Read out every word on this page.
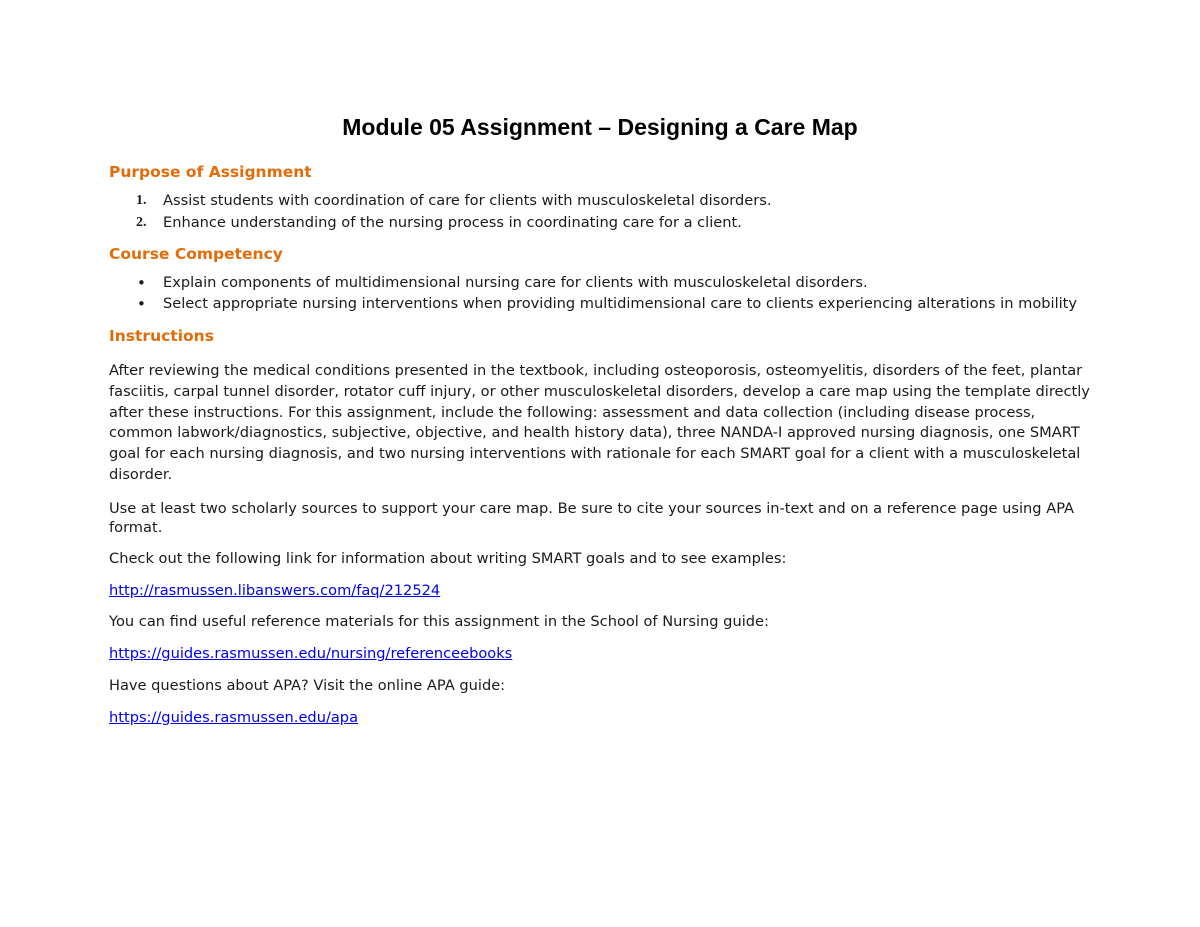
Module 05 Assignment – Designing a Care Map
Purpose of Assignment
1. Assist students with coordination of care for clients with musculoskeletal disorders.
2. Enhance understanding of the nursing process in coordinating care for a client.
Course Competency
• Explain components of multidimensional nursing care for clients with musculoskeletal disorders.
• Select appropriate nursing interventions when providing multidimensional care to clients experiencing alterations in mobility
Instructions

After reviewing the medical conditions presented in the textbook, including osteoporosis, osteomyelitis, disorders of the feet, plantar fasciitis, carpal tunnel disorder, rotator cuff injury, or other musculoskeletal disorders, develop a care map using the template directly after these instructions. For this assignment, include the following: assessment and data collection (including disease process, common labwork/diagnostics, subjective, objective, and health history data), three NANDA-I approved nursing diagnosis, one SMART goal for each nursing diagnosis, and two nursing interventions with rationale for each SMART goal for a client with a musculoskeletal disorder.

Use at least two scholarly sources to support your care map. Be sure to cite your sources in-text and on a reference page using APA format.

Check out the following link for information about writing SMART goals and to see examples:

http://rasmussen.libanswers.com/faq/212524

You can find useful reference materials for this assignment in the School of Nursing guide:

https://guides.rasmussen.edu/nursing/referenceebooks

Have questions about APA? Visit the online APA guide:

https://guides.rasmussen.edu/apa
